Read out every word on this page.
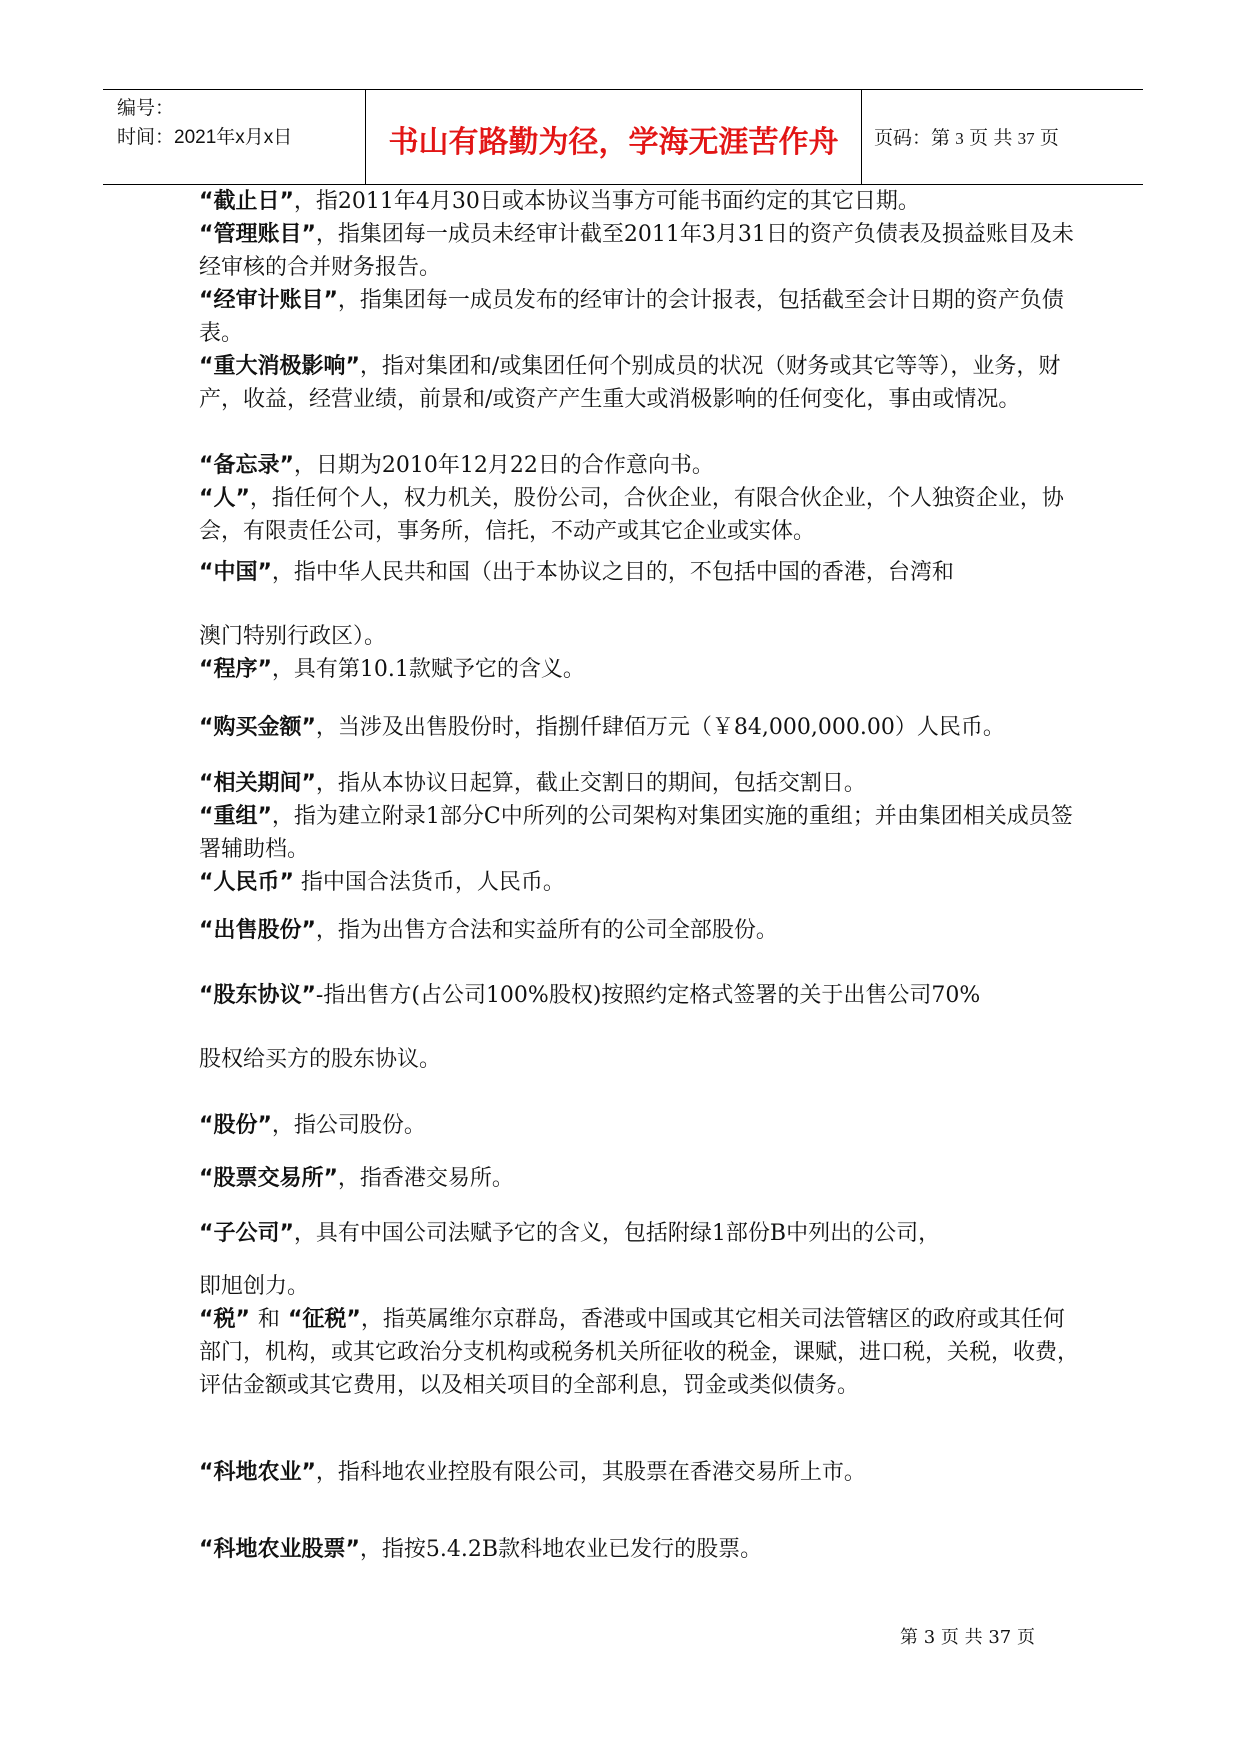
编号：
时间：2021年x月x日	书山有路勤为径，学海无涯苦作舟	页码：第 3 页 共 37 页
“截止日”，指2011年4月30日或本协议当事方可能书面约定的其它日期。
“管理账目”，指集团每一成员未经审计截至2011年3月31日的资产负债表及损益账目及未经审核的合并财务报告。
“经审计账目”，指集团每一成员发布的经审计的会计报表，包括截至会计日期的资产负债表。
“重大消极影响”，指对集团和/或集团任何个别成员的状况（财务或其它等等），业务，财产，收益，经营业绩，前景和/或资产产生重大或消极影响的任何变化，事由或情况。
“备忘录”，日期为2010年12月22日的合作意向书。
“人”，指任何个人，权力机关，股份公司，合伙企业，有限合伙企业，个人独资企业，协会，有限责任公司，事务所，信托，不动产或其它企业或实体。
“中国”，指中华人民共和国（出于本协议之目的，不包括中国的香港，台湾和
澳门特别行政区）。
“程序”，具有第10.1款赋予它的含义。
“购买金额”，当涉及出售股份时，指捌仟肆佰万元（￥84,000,000.00）人民币。
“相关期间”，指从本协议日起算，截止交割日的期间，包括交割日。
“重组”，指为建立附录1部分C中所列的公司架构对集团实施的重组；并由集团相关成员签署辅助档。
“人民币” 指中国合法货币，人民币。
“出售股份”，指为出售方合法和实益所有的公司全部股份。
“股东协议”-指出售方(占公司100%股权)按照约定格式签署的关于出售公司70%
股权给买方的股东协议。
“股份”，指公司股份。
“股票交易所”，指香港交易所。
“子公司”，具有中国公司法赋予它的含义，包括附绿1部份B中列出的公司，
即旭创力。
“税” 和 “征税”，指英属维尔京群岛，香港或中国或其它相关司法管辖区的政府或其任何部门，机构，或其它政治分支机构或税务机关所征收的税金，课赋，进口税，关税，收费，评估金额或其它费用，以及相关项目的全部利息，罚金或类似债务。
“科地农业”，指科地农业控股有限公司，其股票在香港交易所上市。
“科地农业股票”，指按5.4.2B款科地农业已发行的股票。
第 3 页 共 37 页
